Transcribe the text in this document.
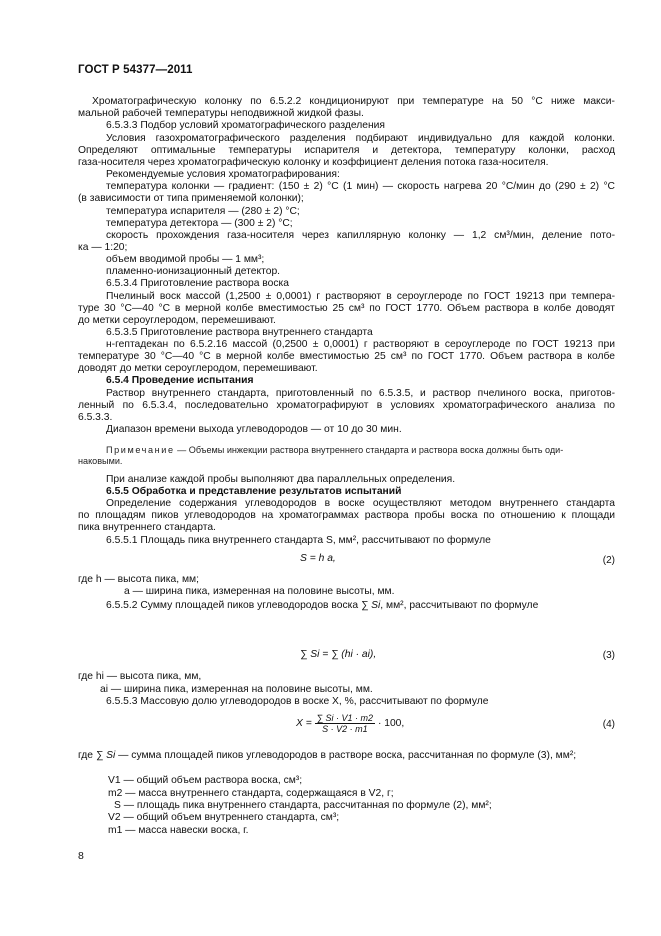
ГОСТ Р 54377—2011
Хроматографическую колонку по 6.5.2.2 кондиционируют при температуре на 50 °С ниже макси-
мальной рабочей температуры неподвижной жидкой фазы.
6.5.3.3 Подбор условий хроматографического разделения
Условия газохроматографического разделения подбирают индивидуально для каждой колонки.
Определяют оптимальные температуры испарителя и детектора, температуру колонки, расход
газа-носителя через хроматографическую колонку и коэффициент деления потока газа-носителя.
Рекомендуемые условия хроматографирования:
температура колонки — градиент: (150 ± 2) °С (1 мин) — скорость нагрева 20 °С/мин до (290 ± 2) °С
(в зависимости от типа применяемой колонки);
температура испарителя — (280 ± 2) °С;
температура детектора — (300 ± 2) °С;
скорость прохождения газа-носителя через капиллярную колонку — 1,2 см³/мин, деление пото-
ка — 1:20;
объем вводимой пробы — 1 мм³;
пламенно-ионизационный детектор.
6.5.3.4 Приготовление раствора воска
Пчелиный воск массой (1,2500 ± 0,0001) г растворяют в сероуглероде по ГОСТ 19213 при темпера-
туре 30 °С—40 °С в мерной колбе вместимостью 25 см³ по ГОСТ 1770. Объем раствора в колбе доводят
до метки сероуглеродом, перемешивают.
6.5.3.5 Приготовление раствора внутреннего стандарта
н-гептадекан по 6.5.2.16 массой (0,2500 ± 0,0001) г растворяют в сероуглероде по ГОСТ 19213 при
температуре 30 °С—40 °С в мерной колбе вместимостью 25 см³ по ГОСТ 1770. Объем раствора в колбе
доводят до метки сероуглеродом, перемешивают.
6.5.4 Проведение испытания
Раствор внутреннего стандарта, приготовленный по 6.5.3.5, и раствор пчелиного воска, приготов-
ленный по 6.5.3.4, последовательно хроматографируют в условиях хроматографического анализа по
6.5.3.3.
Диапазон времени выхода углеводородов — от 10 до 30 мин.
Примечание — Объемы инжекции раствора внутреннего стандарта и раствора воска должны быть оди-
наковыми.
При анализе каждой пробы выполняют два параллельных определения.
6.5.5 Обработка и представление результатов испытаний
Определение содержания углеводородов в воске осуществляют методом внутреннего стандарта
по площадям пиков углеводородов на хроматограммах раствора пробы воска по отношению к площади
пика внутреннего стандарта.
6.5.5.1 Площадь пика внутреннего стандарта S, мм², рассчитывают по формуле
S = h a,	(2)
где h — высота пика, мм;
a — ширина пика, измеренная на половине высоты, мм.
6.5.5.2 Сумму площадей пиков углеводородов воска ∑ Si, мм², рассчитывают по формуле
∑ Si = ∑ (hi · ai),	(3)
где hi — высота пика, мм,
ai — ширина пика, измеренная на половине высоты, мм.
6.5.5.3 Массовую долю углеводородов в воске X, %, рассчитывают по формуле
$X = \frac{\sum Si \cdot V1 \cdot m2}{S \cdot V2 \cdot m1} \cdot 100$,	(4)
где ∑ Si — сумма площадей пиков углеводородов в растворе воска, рассчитанная по формуле (3), мм²;
V1 — общий объем раствора воска, см³;
m2 — масса внутреннего стандарта, содержащаяся в V2, г;
S — площадь пика внутреннего стандарта, рассчитанная по формуле (2), мм²;
V2 — общий объем внутреннего стандарта, см³;
m1 — масса навески воска, г.
8
